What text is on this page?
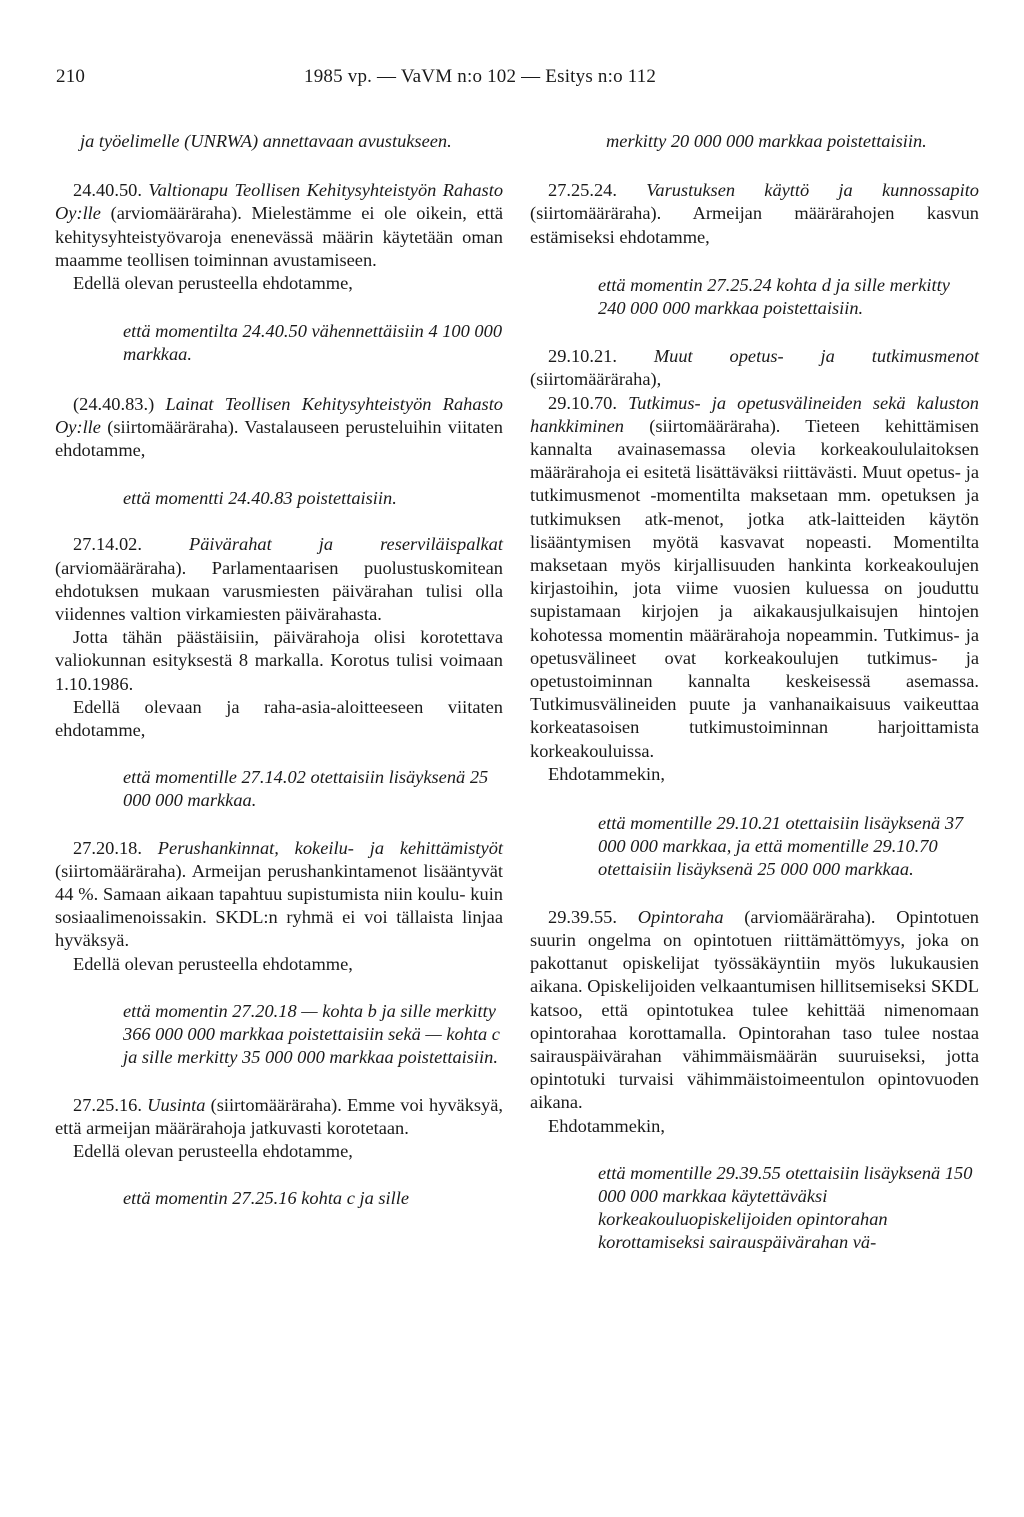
210	1985 vp. — VaVM n:o 102 — Esitys n:o 112

ja työelimelle (UNRWA) annettavaan avustukseen.

24.40.50. Valtionapu Teollisen Kehitysyhteistyön Rahasto Oy:lle (arviomääräraha). Mielestämme ei ole oikein, että kehitysyhteistyövaroja enenevässä määrin käytetään oman maamme teollisen toiminnan avustamiseen.

Edellä olevan perusteella ehdotamme,

että momentilta 24.40.50 vähennettäisiin 4 100 000 markkaa.

(24.40.83.) Lainat Teollisen Kehitysyhteistyön Rahasto Oy:lle (siirtomääräraha). Vastalauseen perusteluihin viitaten ehdotamme,

että momentti 24.40.83 poistettaisiin.

27.14.02. Päivärahat ja reserviläispalkat (arviomääräraha). Parlamentaarisen puolustuskomitean ehdotuksen mukaan varusmiesten päivärahan tulisi olla viidennes valtion virkamiesten päivärahasta.

Jotta tähän päästäisiin, päivärahoja olisi korotettava valiokunnan esityksestä 8 markalla. Korotus tulisi voimaan 1.10.1986.

Edellä olevaan ja raha-asia-aloitteeseen viitaten ehdotamme,

että momentille 27.14.02 otettaisiin lisäyksenä 25 000 000 markkaa.

27.20.18. Perushankinnat, kokeilu- ja kehittämistyöt (siirtomääräraha). Armeijan perushankintamenot lisääntyvät 44 %. Samaan aikaan tapahtuu supistumista niin koulu- kuin sosiaalimenoissakin. SKDL:n ryhmä ei voi tällaista linjaa hyväksyä.

Edellä olevan perusteella ehdotamme,

että momentin 27.20.18 — kohta b ja sille merkitty 366 000 000 markkaa poistettaisiin sekä — kohta c ja sille merkitty 35 000 000 markkaa poistettaisiin.

27.25.16. Uusinta (siirtomääräraha). Emme voi hyväksyä, että armeijan määrärahoja jatkuvasti korotetaan.

Edellä olevan perusteella ehdotamme,

että momentin 27.25.16 kohta c ja sille

merkitty 20 000 000 markkaa poistettaisiin.

27.25.24. Varustuksen käyttö ja kunnossapito (siirtomääräraha). Armeijan määrärahojen kasvun estämiseksi ehdotamme,

että momentin 27.25.24 kohta d ja sille merkitty 240 000 000 markkaa poistettaisiin.

29.10.21. Muut opetus- ja tutkimusmenot (siirtomääräraha),

29.10.70. Tutkimus- ja opetusvälineiden sekä kaluston hankkiminen (siirtomääräraha). Tieteen kehittämisen kannalta avainasemassa olevia korkeakoululaitoksen määrärahoja ei esitetä lisättäväksi riittävästi. Muut opetus- ja tutkimusmenot -momentilta maksetaan mm. opetuksen ja tutkimuksen atk-menot, jotka atk-laitteiden käytön lisääntymisen myötä kasvavat nopeasti. Momentilta maksetaan myös kirjallisuuden hankinta korkeakoulujen kirjastoihin, jota viime vuosien kuluessa on jouduttu supistamaan kirjojen ja aikakausjulkaisujen hintojen kohotessa momentin määrärahoja nopeammin. Tutkimus- ja opetusvälineet ovat korkeakoulujen tutkimus- ja opetustoiminnan kannalta keskeisessä asemassa. Tutkimusvälineiden puute ja vanhanaikaisuus vaikeuttaa korkeatasoisen tutkimustoiminnan harjoittamista korkeakouluissa.

Ehdotammekin,

että momentille 29.10.21 otettaisiin lisäyksenä 37 000 000 markkaa, ja että momentille 29.10.70 otettaisiin lisäyksenä 25 000 000 markkaa.

29.39.55. Opintoraha (arviomääräraha). Opintotuen suurin ongelma on opintotuen riittämättömyys, joka on pakottanut opiskelijat työssäkäyntiin myös lukukausien aikana. Opiskelijoiden velkaantumisen hillitsemiseksi SKDL katsoo, että opintotukea tulee kehittää nimenomaan opintorahaa korottamalla. Opintorahan taso tulee nostaa sairauspäivärahan vähimmäismäärän suuruiseksi, jotta opintotuki turvaisi vähimmäistoimeentulon opintovuoden aikana.

Ehdotammekin,

että momentille 29.39.55 otettaisiin lisäyksenä 150 000 000 markkaa käytettäväksi korkeakouluopiskelijoiden opintorahan korottamiseksi sairauspäivärahan vä-
